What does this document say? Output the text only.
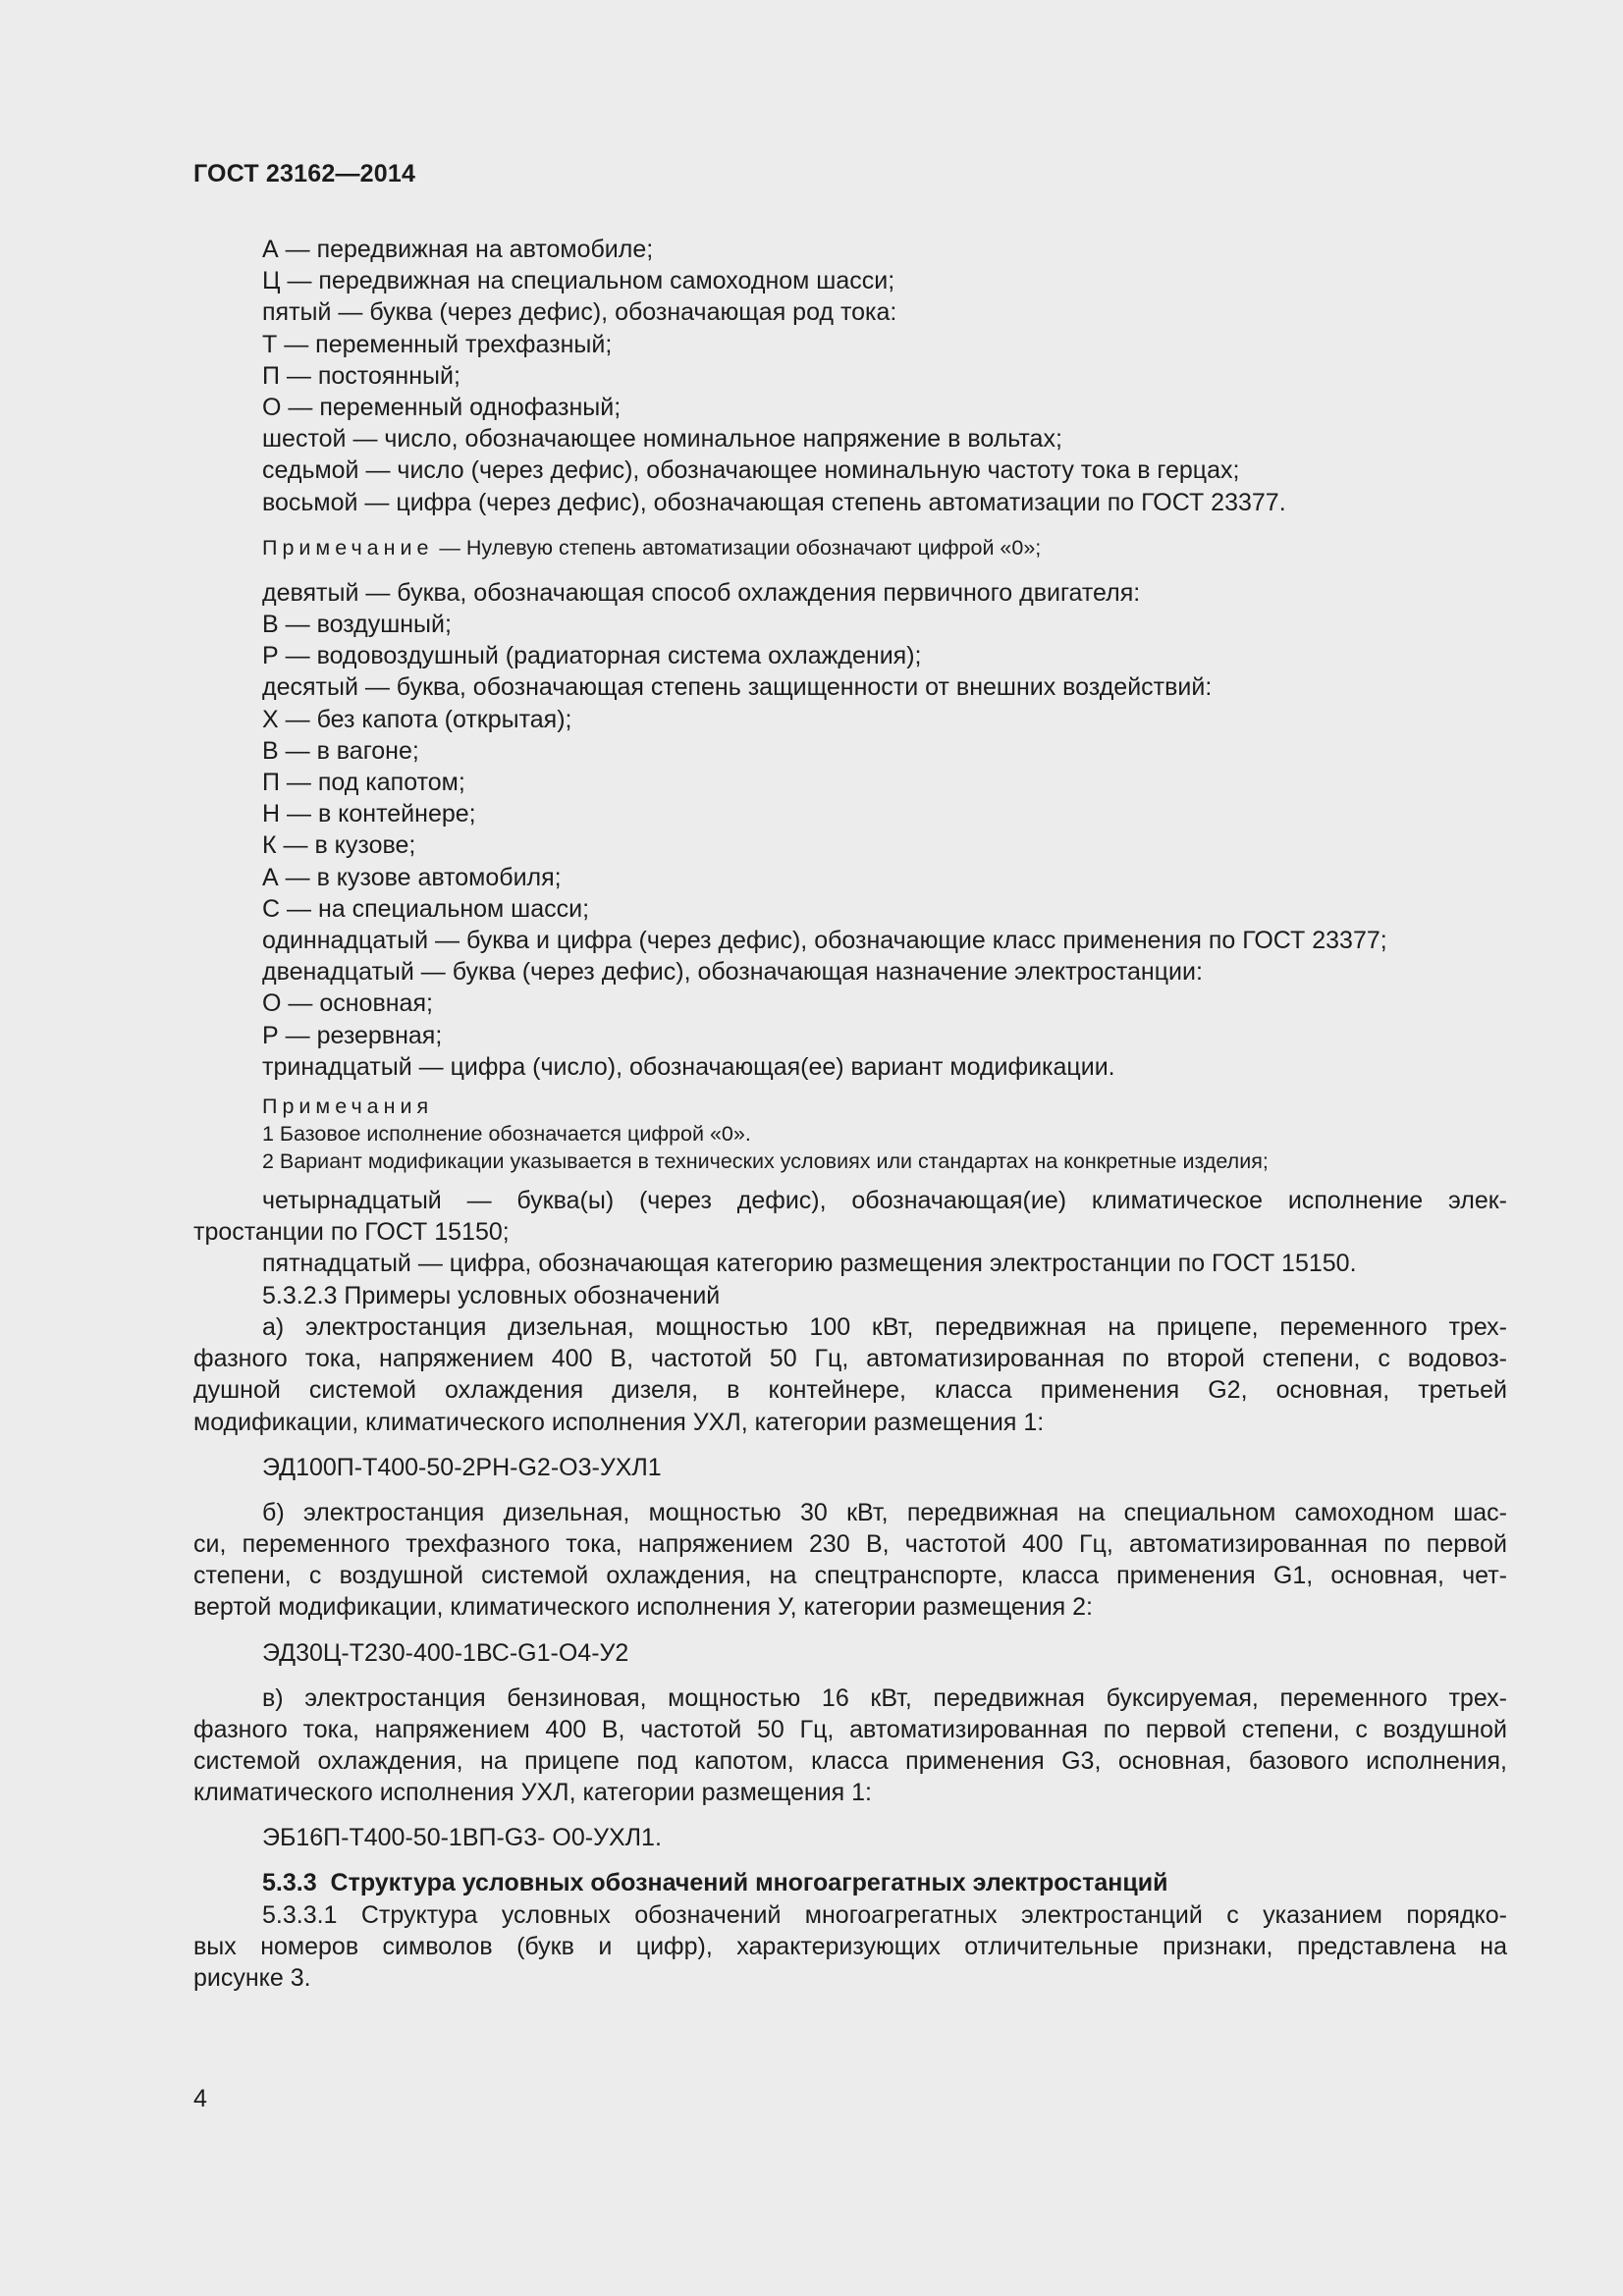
ГОСТ 23162—2014
А — передвижная на автомобиле;
Ц — передвижная на специальном самоходном шасси;
пятый — буква (через дефис), обозначающая род тока:
Т — переменный трехфазный;
П — постоянный;
О — переменный однофазный;
шестой — число, обозначающее номинальное напряжение в вольтах;
седьмой — число (через дефис), обозначающее номинальную частоту тока в герцах;
восьмой — цифра (через дефис), обозначающая степень автоматизации по ГОСТ 23377.
Примечание — Нулевую степень автоматизации обозначают цифрой «0»;
девятый — буква, обозначающая способ охлаждения первичного двигателя:
В — воздушный;
Р — водовоздушный (радиаторная система охлаждения);
десятый — буква, обозначающая степень защищенности от внешних воздействий:
Х — без капота (открытая);
В — в вагоне;
П — под капотом;
Н — в контейнере;
К — в кузове;
А — в кузове автомобиля;
С — на специальном шасси;
одиннадцатый — буква и цифра (через дефис), обозначающие класс применения по ГОСТ 23377;
двенадцатый — буква (через дефис), обозначающая назначение электростанции:
О — основная;
Р — резервная;
тринадцатый — цифра (число), обозначающая(ее) вариант модификации.
Примечания
1 Базовое исполнение обозначается цифрой «0».
2 Вариант модификации указывается в технических условиях или стандартах на конкретные изделия;
четырнадцатый — буква(ы) (через дефис), обозначающая(ие) климатическое исполнение элек-
тростанции по ГОСТ 15150;
пятнадцатый — цифра, обозначающая категорию размещения электростанции по ГОСТ 15150.
5.3.2.3 Примеры условных обозначений
а) электростанция дизельная, мощностью 100 кВт, передвижная на прицепе, переменного трех-
фазного тока, напряжением 400 В, частотой 50 Гц, автоматизированная по второй степени, с водовоз-
душной системой охлаждения дизеля, в контейнере, класса применения G2, основная, третьей
модификации, климатического исполнения УХЛ, категории размещения 1:
ЭД100П-Т400-50-2РН-G2-О3-УХЛ1
б) электростанция дизельная, мощностью 30 кВт, передвижная на специальном самоходном шас-
си, переменного трехфазного тока, напряжением 230 В, частотой 400 Гц, автоматизированная по первой
степени, с воздушной системой охлаждения, на спецтранспорте, класса применения G1, основная, чет-
вертой модификации, климатического исполнения У, категории размещения 2:
ЭД30Ц-Т230-400-1ВС-G1-О4-У2
в) электростанция бензиновая, мощностью 16 кВт, передвижная буксируемая, переменного трех-
фазного тока, напряжением 400 В, частотой 50 Гц, автоматизированная по первой степени, с воздушной
системой охлаждения, на прицепе под капотом, класса применения G3, основная, базового исполнения,
климатического исполнения УХЛ, категории размещения 1:
ЭБ16П-Т400-50-1ВП-G3- О0-УХЛ1.
5.3.3 Структура условных обозначений многоагрегатных электростанций
5.3.3.1 Структура условных обозначений многоагрегатных электростанций с указанием порядко-
вых номеров символов (букв и цифр), характеризующих отличительные признаки, представлена на
рисунке 3.
4
